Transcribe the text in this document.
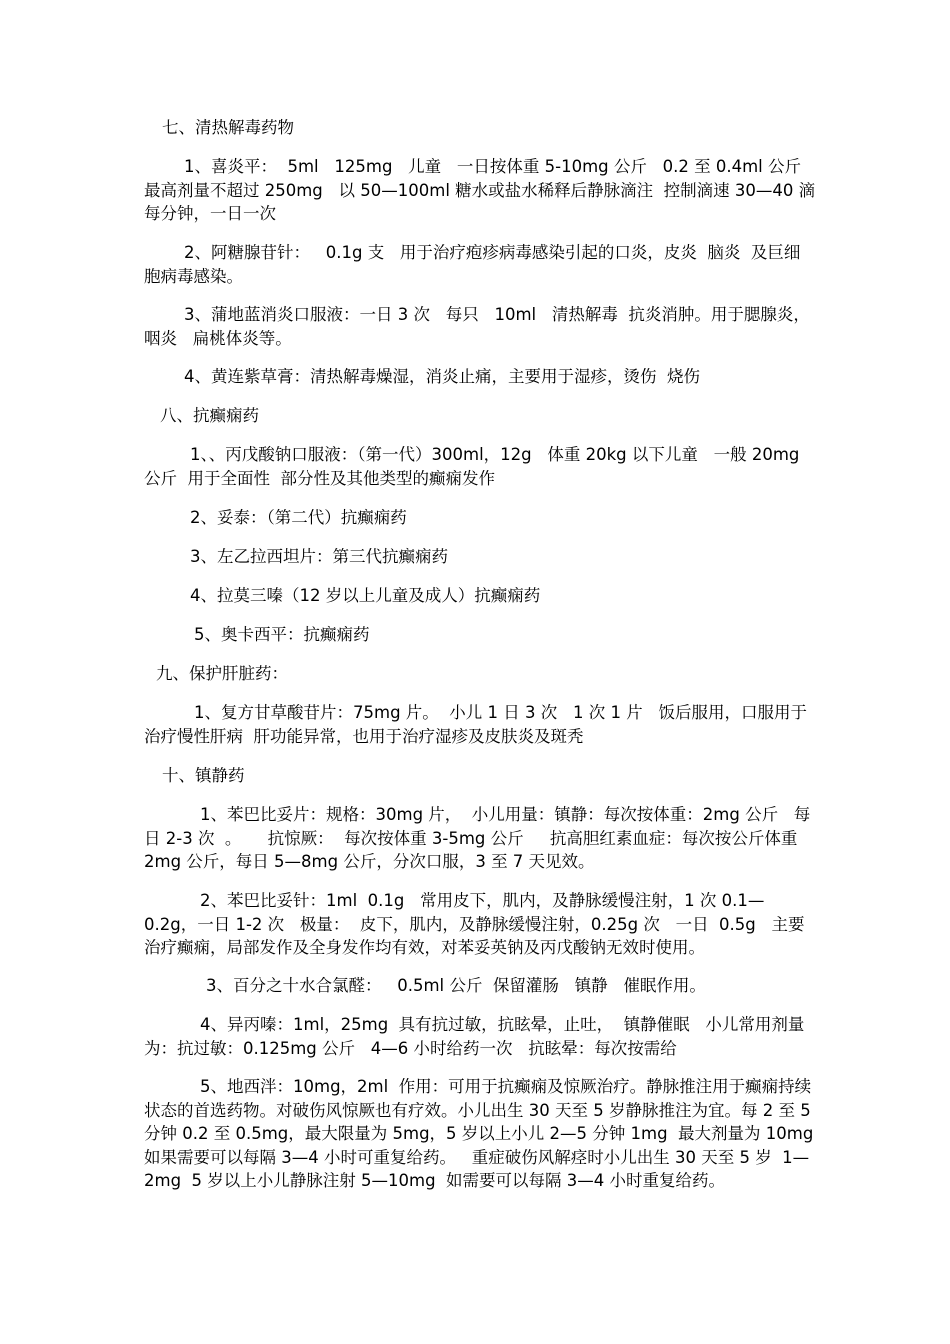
七、清热解毒药物

1、喜炎平：  5ml   125mg   儿童   一日按体重 5-10mg 公斤   0.2 至 0.4ml 公斤   最高剂量不超过 250mg   以 50—100ml 糖水或盐水稀释后静脉滴注  控制滴速 30—40 滴每分钟，一日一次

2、阿糖腺苷针：   0.1g 支   用于治疗疱疹病毒感染引起的口炎，皮炎  脑炎  及巨细胞病毒感染。

3、蒲地蓝消炎口服液：一日 3 次   每只   10ml   清热解毒  抗炎消肿。用于腮腺炎，  咽炎   扁桃体炎等。

4、黄连紫草膏：清热解毒燥湿，消炎止痛，主要用于湿疹，烫伤  烧伤

八、抗癫痫药

1、、丙戊酸钠口服液：（第一代）300ml，12g   体重 20kg 以下儿童   一般 20mg 公斤  用于全面性  部分性及其他类型的癫痫发作

2、妥泰：（第二代）抗癫痫药

3、左乙拉西坦片：第三代抗癫痫药

4、拉莫三嗪（12 岁以上儿童及成人）抗癫痫药

5、奥卡西平：抗癫痫药

九、保护肝脏药：

1、复方甘草酸苷片：75mg 片。  小儿 1 日 3 次   1 次 1 片   饭后服用，口服用于治疗慢性肝病  肝功能异常，也用于治疗湿疹及皮肤炎及斑秃

十、镇静药

1、苯巴比妥片：规格：30mg 片，  小儿用量：镇静：每次按体重：2mg 公斤   每日 2-3 次  。     抗惊厥：  每次按体重 3-5mg 公斤     抗高胆红素血症：每次按公斤体重 2mg 公斤，每日 5—8mg 公斤，分次口服，3 至 7 天见效。

2、苯巴比妥针：1ml  0.1g   常用皮下，肌内，及静脉缓慢注射，1 次 0.1—0.2g，一日 1-2 次   极量：  皮下，肌内，及静脉缓慢注射，0.25g 次   一日  0.5g   主要治疗癫痫，局部发作及全身发作均有效，对苯妥英钠及丙戊酸钠无效时使用。

3、百分之十水合氯醛：   0.5ml 公斤  保留灌肠   镇静   催眠作用。

4、异丙嗪：1ml，25mg  具有抗过敏，抗眩晕，止吐，  镇静催眠   小儿常用剂量为：抗过敏：0.125mg 公斤   4—6 小时给药一次   抗眩晕：每次按需给

5、地西泮：10mg，2ml  作用：可用于抗癫痫及惊厥治疗。静脉推注用于癫痫持续状态的首选药物。对破伤风惊厥也有疗效。小儿出生 30 天至 5 岁静脉推注为宜。每 2 至 5 分钟 0.2 至 0.5mg，最大限量为 5mg，5 岁以上小儿 2—5 分钟 1mg  最大剂量为 10mg   如果需要可以每隔 3—4 小时可重复给药。   重症破伤风解痉时小儿出生 30 天至 5 岁  1—2mg  5 岁以上小儿静脉注射 5—10mg  如需要可以每隔 3—4 小时重复给药。
